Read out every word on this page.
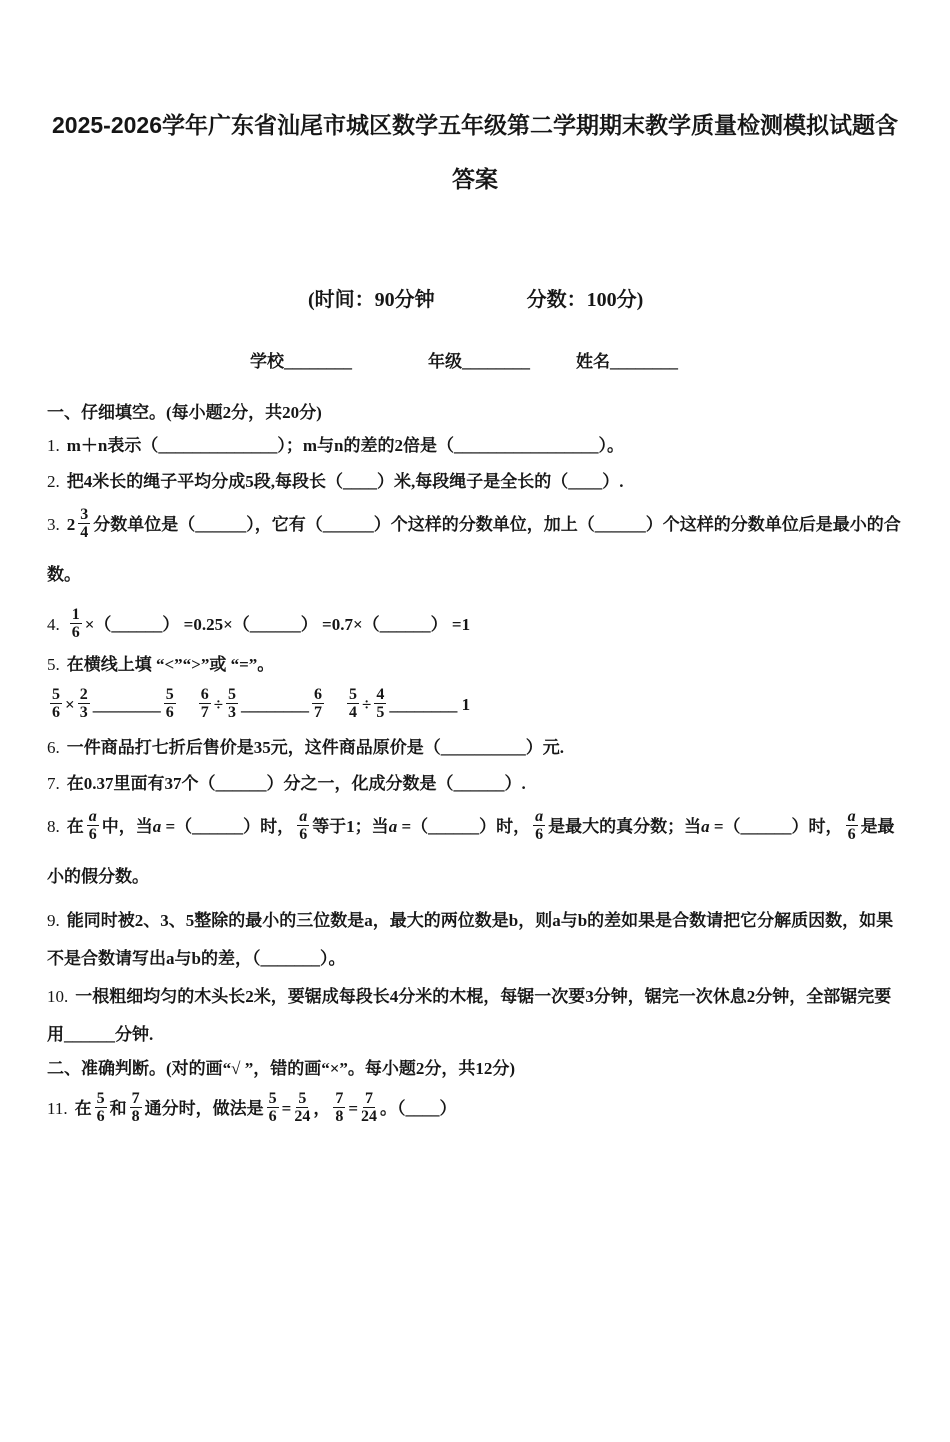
2025-2026学年广东省汕尾市城区数学五年级第二学期期末教学质量检测模拟试题含
答案
(时间：90分钟	分数：100分)
学校________	年级________	姓名________

一、仔细填空。(每小题2分，共20分)

1. m＋n表示（______________）；m与n的差的2倍是（_________________）。

2. 把4米长的绳子平均分成5段,每段长（____）米,每段绳子是全长的（____）.

3. $2 \frac{3}{4}$ 分数单位是（______），它有（______）个这样的分数单位，加上（______）个这样的分数单位后是最小的合数。

4. $\frac{1}{6}$ ×（______） =0.25×（______） =0.7×（______） =1

5. 在横线上填 “<”“>”或 “=”。

$\frac{5}{6} \times \frac{2}{3}$ ________ $\frac{5}{6}$
　 $\frac{6}{7} \div \frac{5}{3}$ ________ $\frac{6}{7}$
　 $\frac{5}{4} \div \frac{4}{5}$ ________ 1

6. 一件商品打七折后售价是35元，这件商品原价是（__________）元.

7. 在0.37里面有37个（______）分之一，化成分数是（______）.

8. 在 $\frac{a}{6}$ 中，当a =（______）时， $\frac{a}{6}$ 等于1；当a =（______）时， $\frac{a}{6}$ 是最大的真分数；当a =（______）时， $\frac{a}{6}$ 是最小的假分数。

9. 能同时被2、3、5整除的最小的三位数是a，最大的两位数是b，则a与b的差如果是合数请把它分解质因数，如果不是合数请写出a与b的差，（_______）。

10. 一根粗细均匀的木头长2米，要锯成每段长4分米的木棍，每锯一次要3分钟，锯完一次休息2分钟，全部锯完要用______分钟.

二、准确判断。(对的画“√ ”，错的画“×”。每小题2分，共12分)

11. 在 $\frac{5}{6}$ 和 $\frac{7}{8}$ 通分时，做法是 $\frac{5}{6} = \frac{5}{24}$ ， $\frac{7}{8} = \frac{7}{24}$ 。（____）
